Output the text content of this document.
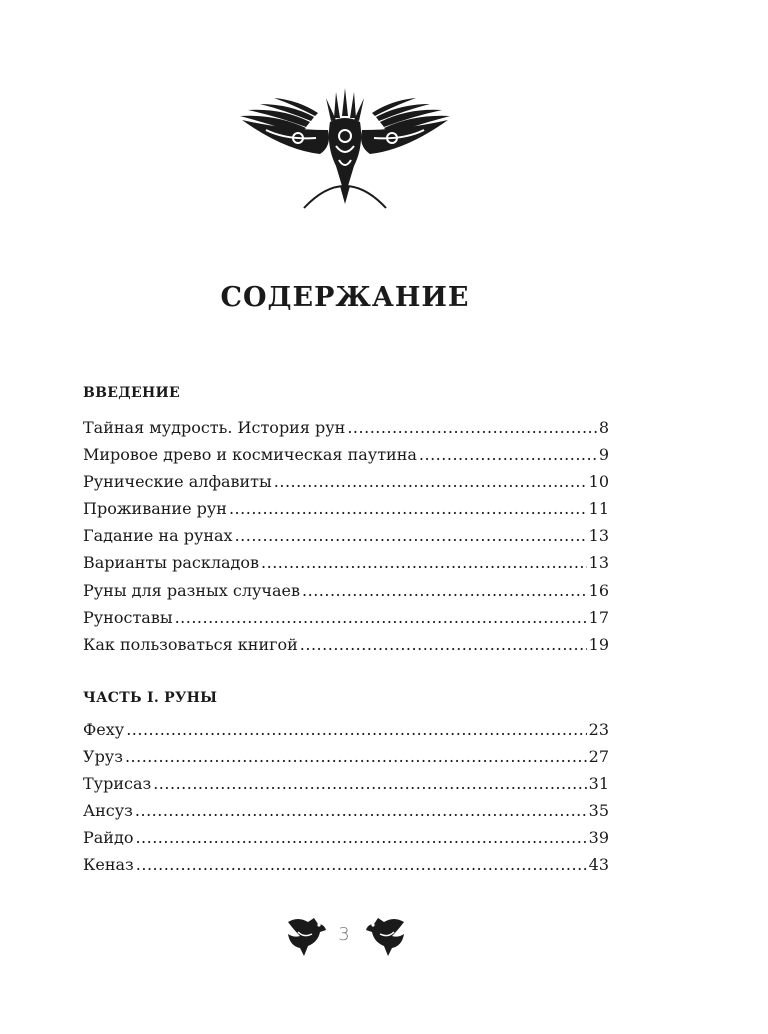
СОДЕРЖАНИЕ
ВВЕДЕНИЕ
Тайная мудрость. История рун .....	8
Мировое древо и космическая паутина .....	9
Рунические алфавиты .....	10
Проживание рун .....	11
Гадание на рунах .....	13
Варианты раскладов .....	13
Руны для разных случаев .....	16
Руноставы .....	17
Как пользоваться книгой .....	19
ЧАСТЬ I. РУНЫ
Феху .....	23
Уруз .....	27
Турисаз .....	31
Ансуз .....	35
Райдо .....	39
Кеназ .....	43
3
